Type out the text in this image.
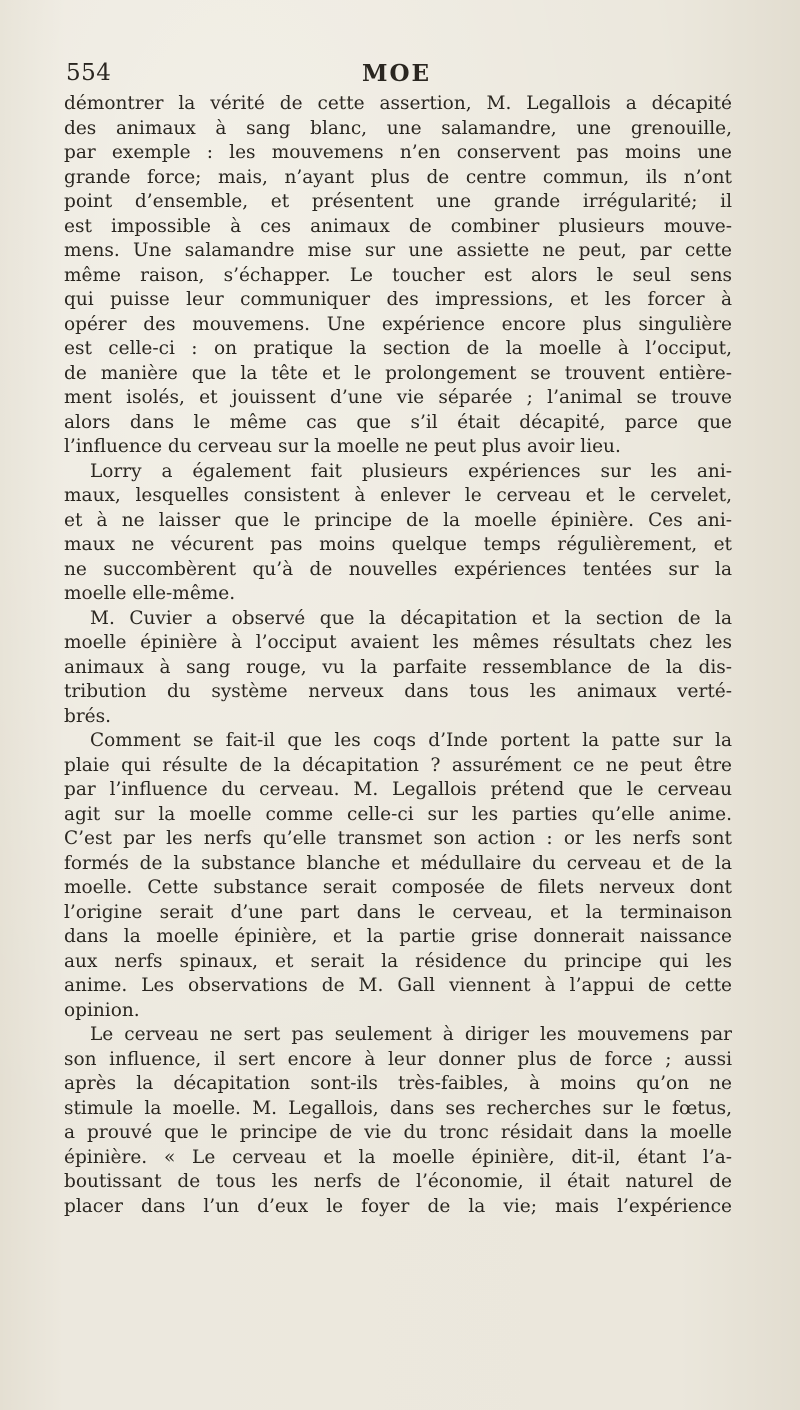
554	MOE
démontrer la vérité de cette assertion, M. Legallois a décapité
des animaux à sang blanc, une salamandre, une grenouille,
par exemple : les mouvemens n’en conservent pas moins une
grande force; mais, n’ayant plus de centre commun, ils n’ont
point d’ensemble, et présentent une grande irrégularité; il
est impossible à ces animaux de combiner plusieurs mouve-
mens. Une salamandre mise sur une assiette ne peut, par cette
même raison, s’échapper. Le toucher est alors le seul sens
qui puisse leur communiquer des impressions, et les forcer à
opérer des mouvemens. Une expérience encore plus singulière
est celle-ci : on pratique la section de la moelle à l’occiput,
de manière que la tête et le prolongement se trouvent entière-
ment isolés, et jouissent d’une vie séparée ; l’animal se trouve
alors dans le même cas que s’il était décapité, parce que
l’influence du cerveau sur la moelle ne peut plus avoir lieu.
Lorry a également fait plusieurs expériences sur les ani-
maux, lesquelles consistent à enlever le cerveau et le cervelet,
et à ne laisser que le principe de la moelle épinière. Ces ani-
maux ne vécurent pas moins quelque temps régulièrement, et
ne succombèrent qu’à de nouvelles expériences tentées sur la
moelle elle-même.
M. Cuvier a observé que la décapitation et la section de la
moelle épinière à l’occiput avaient les mêmes résultats chez les
animaux à sang rouge, vu la parfaite ressemblance de la dis-
tribution du système nerveux dans tous les animaux verté-
brés.
Comment se fait-il que les coqs d’Inde portent la patte sur la
plaie qui résulte de la décapitation ? assurément ce ne peut être
par l’influence du cerveau. M. Legallois prétend que le cerveau
agit sur la moelle comme celle-ci sur les parties qu’elle anime.
C’est par les nerfs qu’elle transmet son action : or les nerfs sont
formés de la substance blanche et médullaire du cerveau et de la
moelle. Cette substance serait composée de filets nerveux dont
l’origine serait d’une part dans le cerveau, et la terminaison
dans la moelle épinière, et la partie grise donnerait naissance
aux nerfs spinaux, et serait la résidence du principe qui les
anime. Les observations de M. Gall viennent à l’appui de cette
opinion.
Le cerveau ne sert pas seulement à diriger les mouvemens par
son influence, il sert encore à leur donner plus de force ; aussi
après la décapitation sont-ils très-faibles, à moins qu’on ne
stimule la moelle. M. Legallois, dans ses recherches sur le fœtus,
a prouvé que le principe de vie du tronc résidait dans la moelle
épinière. « Le cerveau et la moelle épinière, dit-il, étant l’a-
boutissant de tous les nerfs de l’économie, il était naturel de
placer dans l’un d’eux le foyer de la vie; mais l’expérience
